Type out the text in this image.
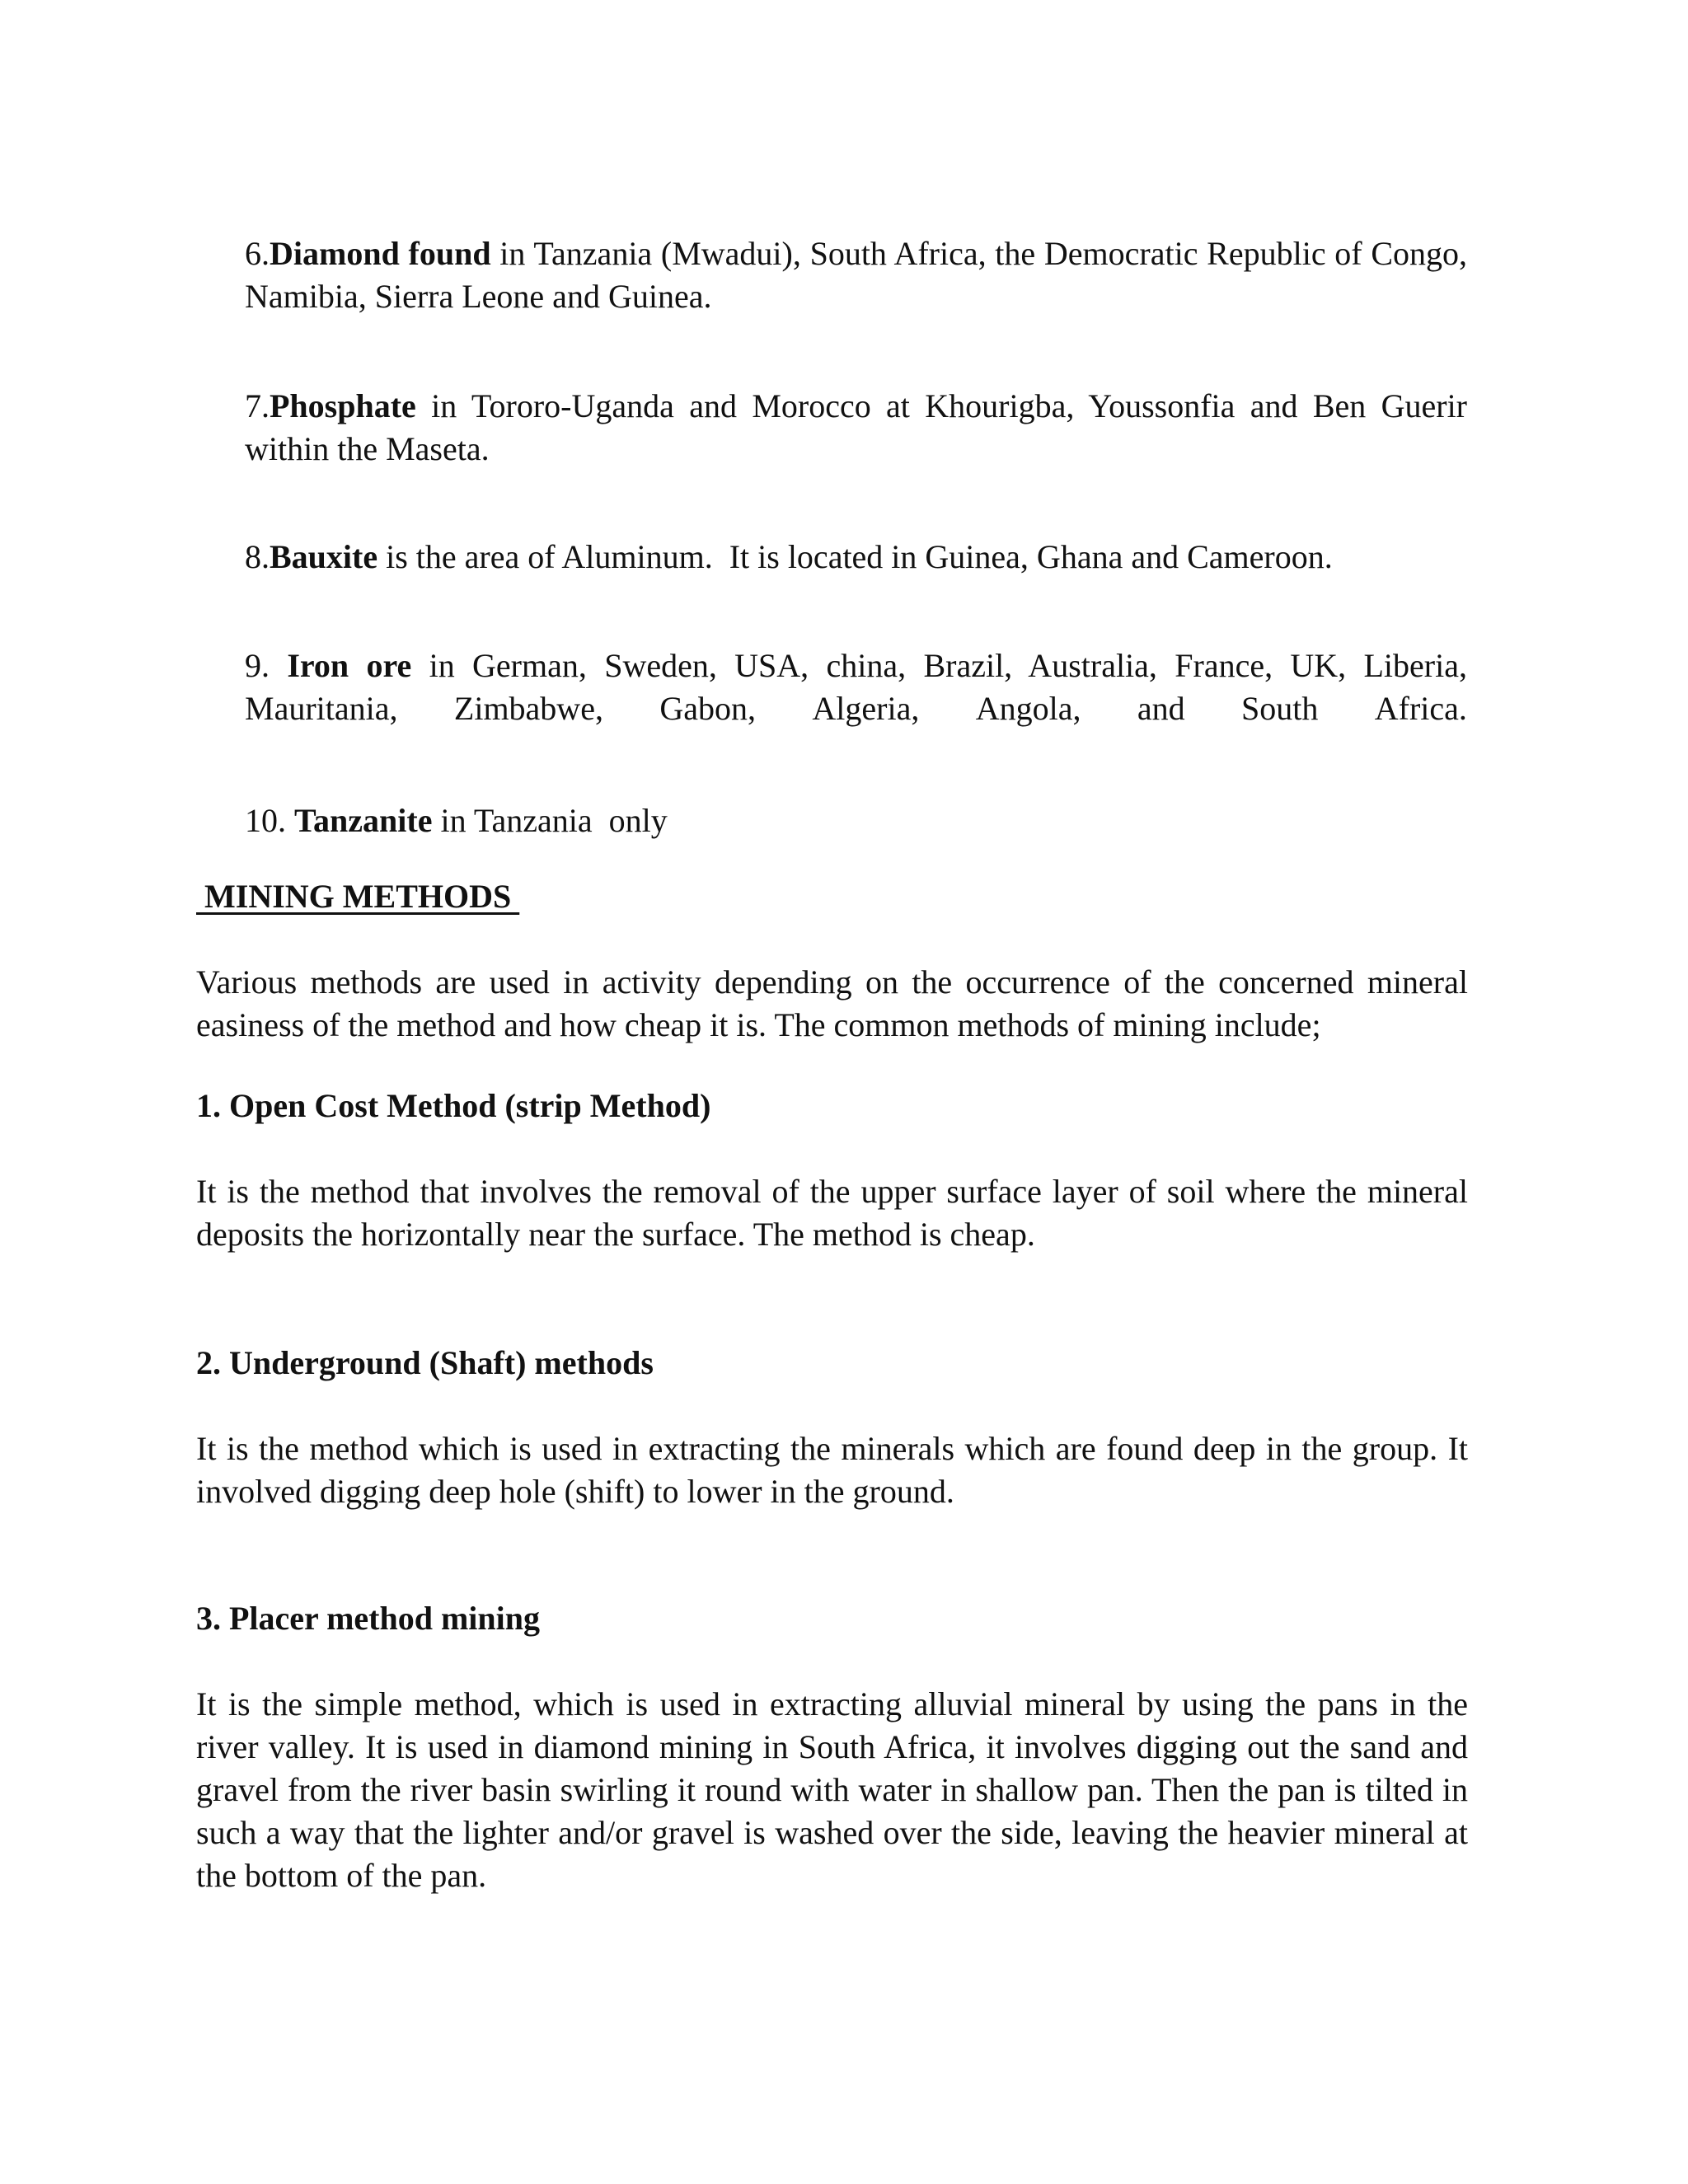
6.Diamond found in Tanzania (Mwadui), South Africa, the Democratic Republic of Congo, Namibia, Sierra Leone and Guinea.
7.Phosphate in Tororo-Uganda and Morocco at Khourigba, Youssonfia and Ben Guerir within the Maseta.
8.Bauxite is the area of Aluminum.  It is located in Guinea, Ghana and Cameroon.
9. Iron ore in German, Sweden, USA, china, Brazil, Australia, France, UK, Liberia,
Mauritania, Zimbabwe, Gabon, Algeria, Angola, and South Africa.
10. Tanzanite in Tanzania  only
MINING METHODS
Various methods are used in activity depending on the occurrence of the concerned mineral easiness of the method and how cheap it is. The common methods of mining include;
1. Open Cost Method (strip Method)
It is the method that involves the removal of the upper surface layer of soil where the mineral deposits the horizontally near the surface. The method is cheap.
2. Underground (Shaft) methods
It is the method which is used in extracting the minerals which are found deep in the group. It involved digging deep hole (shift) to lower in the ground.
3. Placer method mining
It is the simple method, which is used in extracting alluvial mineral by using the pans in the river valley. It is used in diamond mining in South Africa, it involves digging out the sand and gravel from the river basin swirling it round with water in shallow pan. Then the pan is tilted in such a way that the lighter and/or gravel is washed over the side, leaving the heavier mineral at the bottom of the pan.
